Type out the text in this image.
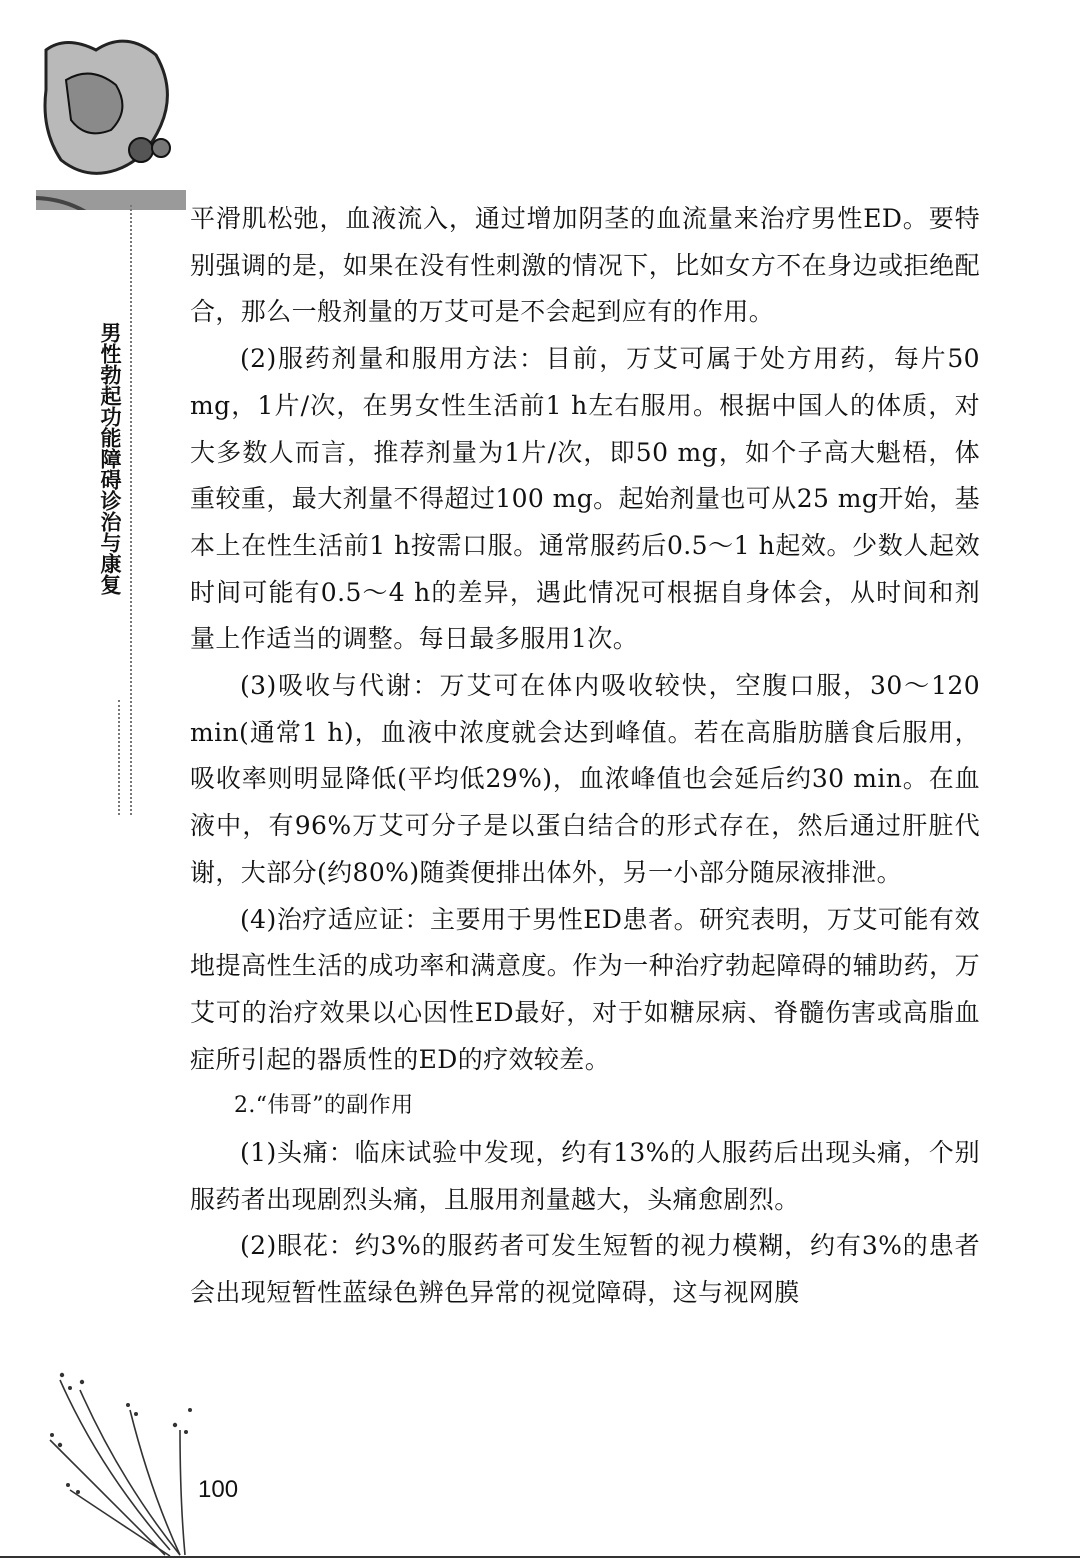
男性勃起功能障碍诊治与康复

平滑肌松弛，血液流入，通过增加阴茎的血流量来治疗男性ED。要特别强调的是，如果在没有性刺激的情况下，比如女方不在身边或拒绝配合，那么一般剂量的万艾可是不会起到应有的作用。

(2)服药剂量和服用方法：目前，万艾可属于处方用药，每片50 mg，1片/次，在男女性生活前1 h左右服用。根据中国人的体质，对大多数人而言，推荐剂量为1片/次，即50 mg，如个子高大魁梧，体重较重，最大剂量不得超过100 mg。起始剂量也可从25 mg开始，基本上在性生活前1 h按需口服。通常服药后0.5～1 h起效。少数人起效时间可能有0.5～4 h的差异，遇此情况可根据自身体会，从时间和剂量上作适当的调整。每日最多服用1次。

(3)吸收与代谢：万艾可在体内吸收较快，空腹口服，30～120 min(通常1 h)，血液中浓度就会达到峰值。若在高脂肪膳食后服用，吸收率则明显降低(平均低29%)，血浓峰值也会延后约30 min。在血液中，有96%万艾可分子是以蛋白结合的形式存在，然后通过肝脏代谢，大部分(约80%)随粪便排出体外，另一小部分随尿液排泄。

(4)治疗适应证：主要用于男性ED患者。研究表明，万艾可能有效地提高性生活的成功率和满意度。作为一种治疗勃起障碍的辅助药，万艾可的治疗效果以心因性ED最好，对于如糖尿病、脊髓伤害或高脂血症所引起的器质性的ED的疗效较差。

2.“伟哥”的副作用

(1)头痛：临床试验中发现，约有13%的人服药后出现头痛，个别服药者出现剧烈头痛，且服用剂量越大，头痛愈剧烈。

(2)眼花：约3%的服药者可发生短暂的视力模糊，约有3%的患者会出现短暂性蓝绿色辨色异常的视觉障碍，这与视网膜

100
